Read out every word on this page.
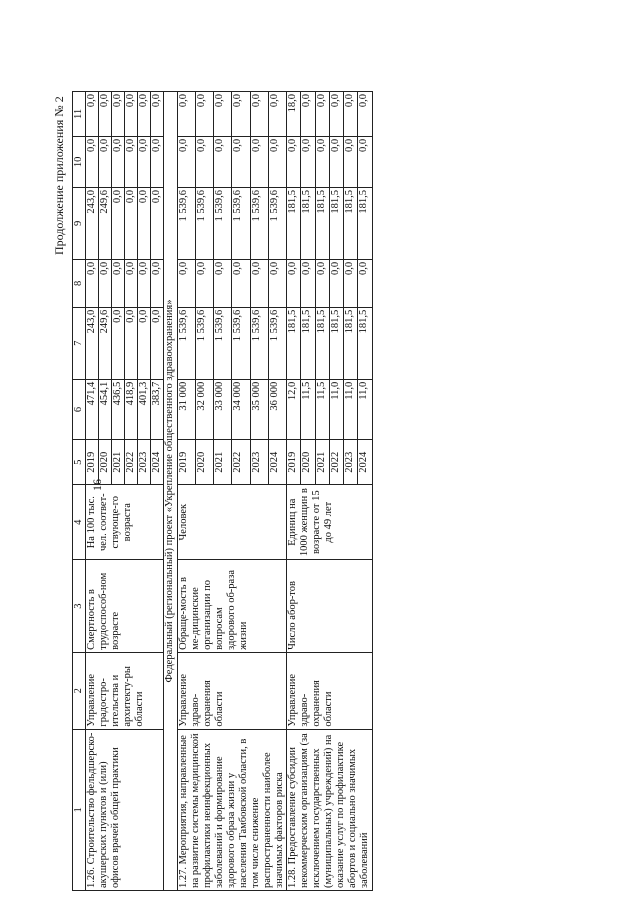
Продолжение приложения № 2
16
1	2	3	4	5	6	7	8	9	10	11
1.26. Строительство фельдшерско-акушерских пунктов и (или) офисов врачей общей практики	Управление градостро-ительства и архитекту-ры области	Смертность в трудоспособ-ном возрасте	На 100 тыс. чел. соответ-ствующе-го возраста	2019	471,4	243,0	0,0	243,0	0,0	0,0
				2020	454,1	249,6	0,0	249,6	0,0	0,0
				2021	436,5	0,0	0,0	0,0	0,0	0,0
				2022	418,9	0,0	0,0	0,0	0,0	0,0
				2023	401,3	0,0	0,0	0,0	0,0	0,0
				2024	383,7	0,0	0,0	0,0	0,0	0,0
Федеральный (региональный) проект «Укрепление общественного здравоохранения»										
1.27. Мероприятия, направленные на развитие системы медицинской профилактики неинфекционных заболеваний и формирование здорового образа жизни у населения Тамбовской области, в том числе снижение распространенности наиболее значимых факторов риска	Управление здраво-охранения области	Обраще-мость в ме-дицинские организации по вопросам здорового об-раза жизни	Человек	2019	31 000	1 539,6	0,0	1 539,6	0,0	0,0
				2020	32 000	1 539,6	0,0	1 539,6	0,0	0,0
				2021	33 000	1 539,6	0,0	1 539,6	0,0	0,0
				2022	34 000	1 539,6	0,0	1 539,6	0,0	0,0
				2023	35 000	1 539,6	0,0	1 539,6	0,0	0,0
				2024	36 000	1 539,6	0,0	1 539,6	0,0	0,0
1.28. Предоставление субсидии некоммерческим организациям (за исключением государственных (муниципальных) учреждений) на оказание услуг по профилактике абортов и социально значимых заболеваний	Управление здраво-охранения области	Число абор-тов	Единиц на 1000 женщин в возрасте от 15 до 49 лет	2019	12,0	181,5	0,0	181,5	0,0	18,0
				2020	11,5	181,5	0,0	181,5	0,0	0,0
				2021	11,5	181,5	0,0	181,5	0,0	0,0
				2022	11,0	181,5	0,0	181,5	0,0	0,0
				2023	11,0	181,5	0,0	181,5	0,0	0,0
				2024	11,0	181,5	0,0	181,5	0,0	0,0
